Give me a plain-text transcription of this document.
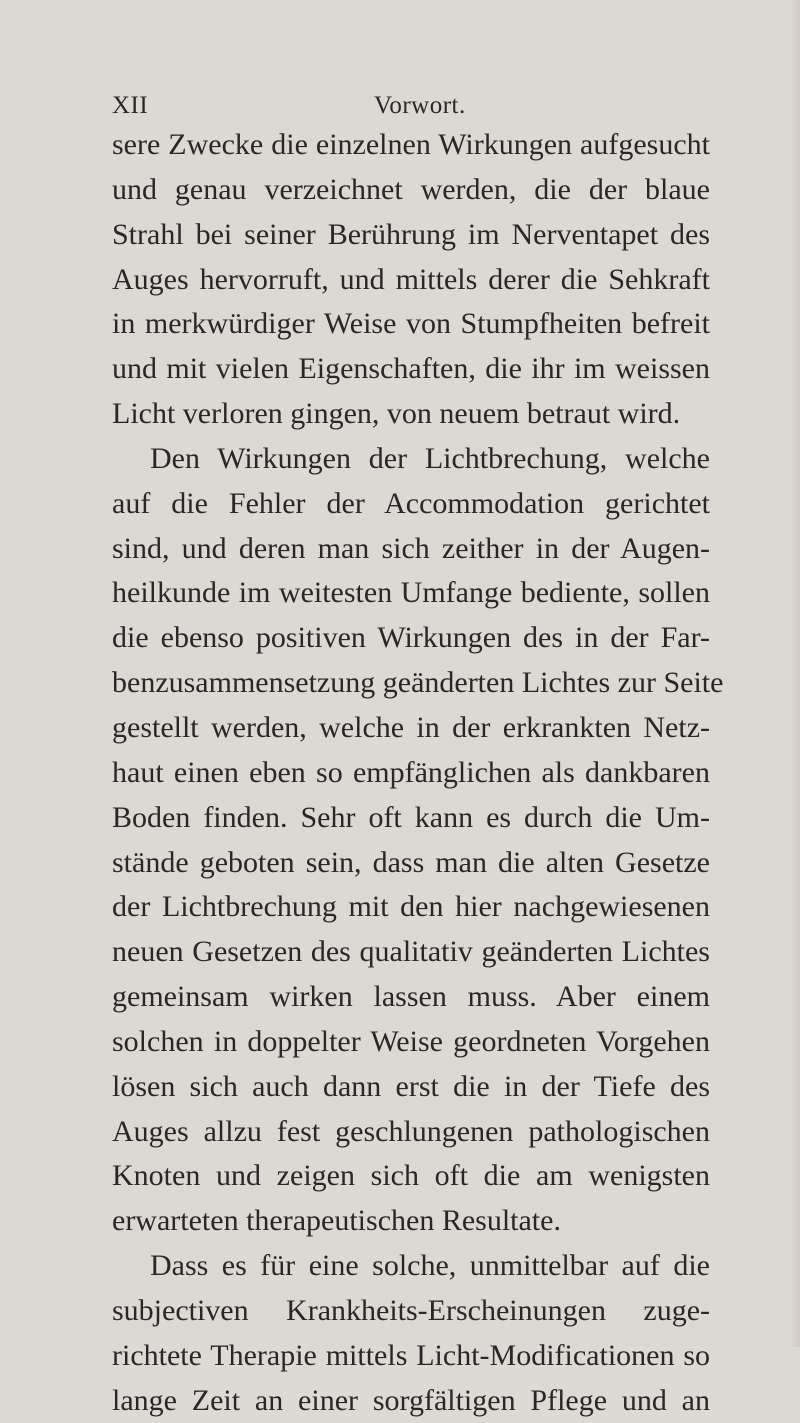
XII	Vorwort.
sere Zwecke die einzelnen Wirkungen aufgesucht
und genau verzeichnet werden, die der blaue
Strahl bei seiner Berührung im Nerventapet des
Auges hervorruft, und mittels derer die Sehkraft
in merkwürdiger Weise von Stumpfheiten befreit
und mit vielen Eigenschaften, die ihr im weissen
Licht verloren gingen, von neuem betraut wird.
Den Wirkungen der Lichtbrechung, welche
auf die Fehler der Accommodation gerichtet
sind, und deren man sich zeither in der Augen-
heilkunde im weitesten Umfange bediente, sollen
die ebenso positiven Wirkungen des in der Far-
benzusammensetzung geänderten Lichtes zur Seite
gestellt werden, welche in der erkrankten Netz-
haut einen eben so empfänglichen als dankbaren
Boden finden. Sehr oft kann es durch die Um-
stände geboten sein, dass man die alten Gesetze
der Lichtbrechung mit den hier nachgewiesenen
neuen Gesetzen des qualitativ geänderten Lichtes
gemeinsam wirken lassen muss. Aber einem
solchen in doppelter Weise geordneten Vorgehen
lösen sich auch dann erst die in der Tiefe des
Auges allzu fest geschlungenen pathologischen
Knoten und zeigen sich oft die am wenigsten
erwarteten therapeutischen Resultate.
Dass es für eine solche, unmittelbar auf die
subjectiven Krankheits-Erscheinungen zuge-
richtete Therapie mittels Licht-Modificationen so
lange Zeit an einer sorgfältigen Pflege und an
